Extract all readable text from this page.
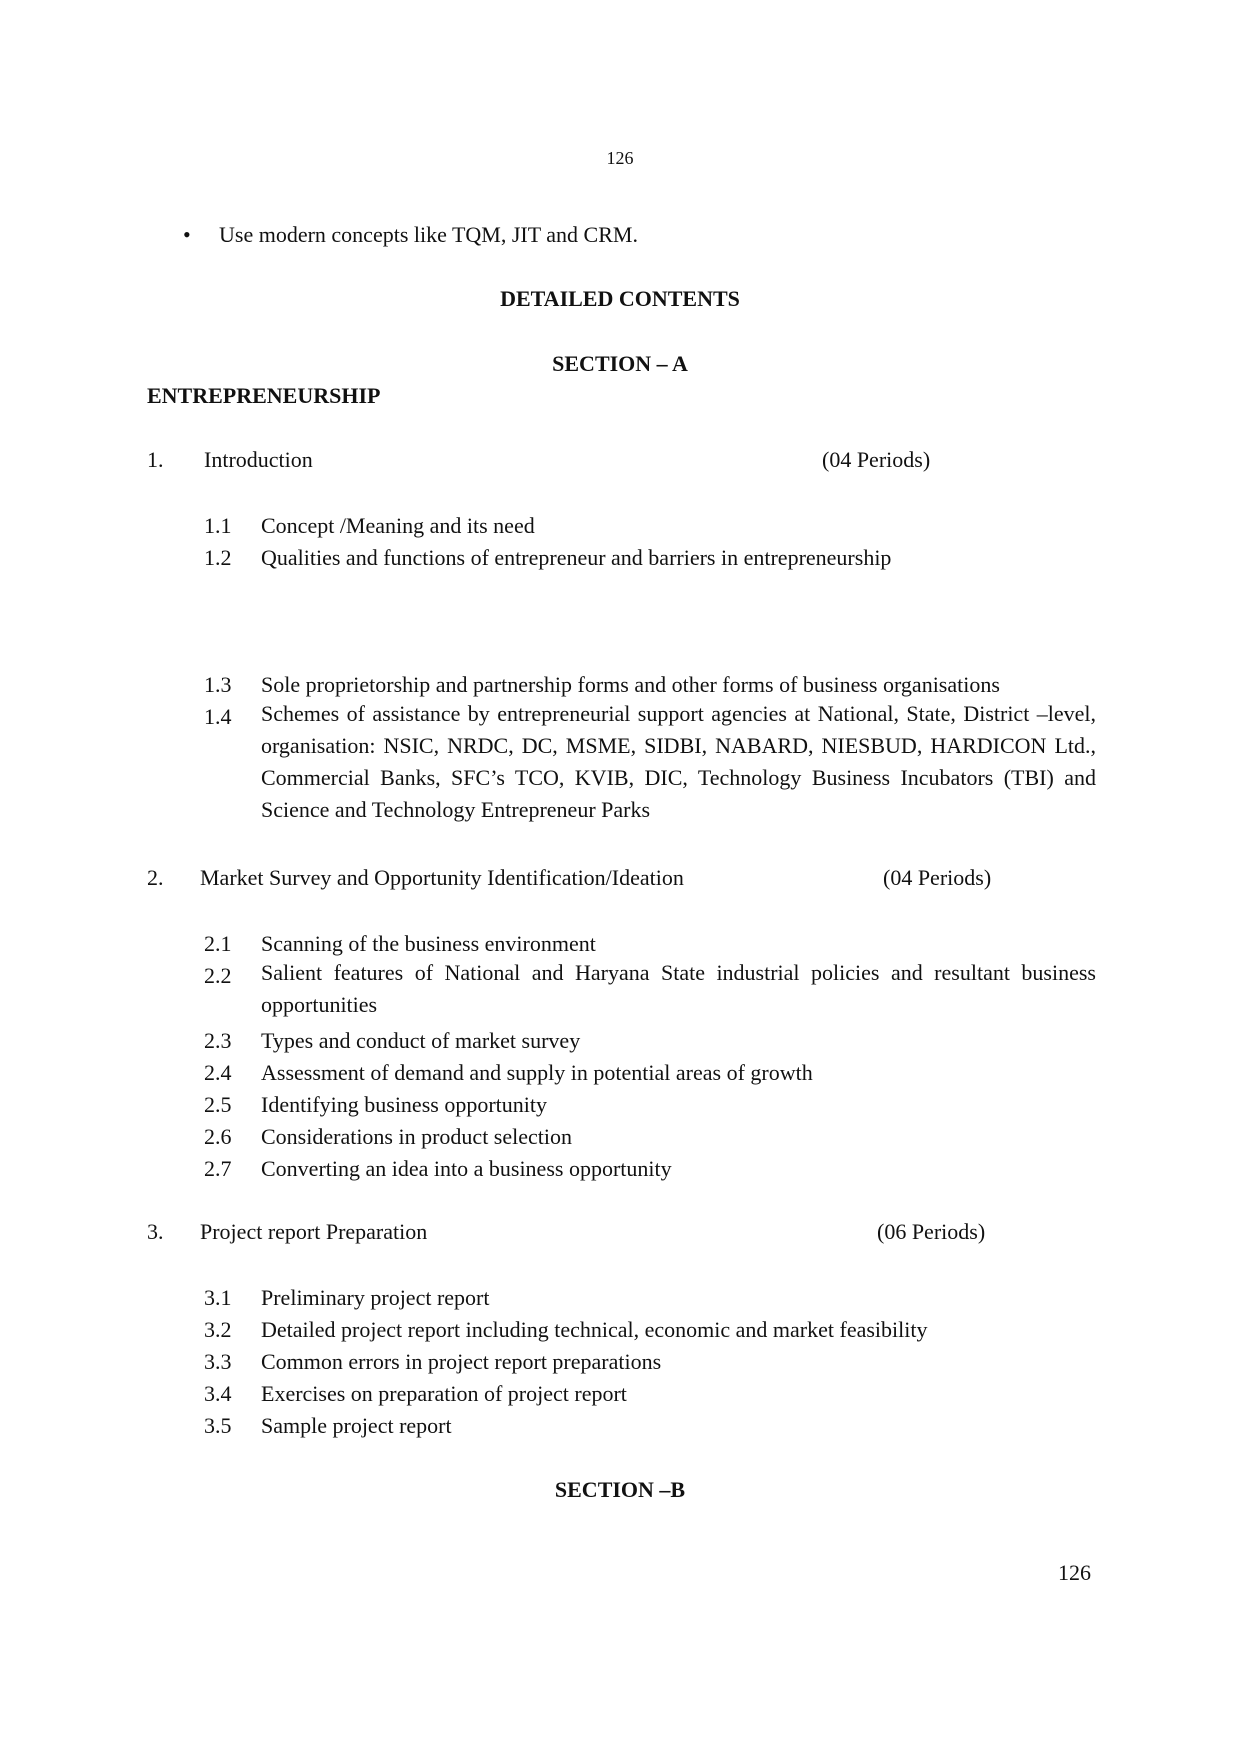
126
• Use modern concepts like TQM, JIT and CRM.
DETAILED CONTENTS
SECTION – A
ENTREPRENEURSHIP
1. Introduction	(04 Periods)
1.1 Concept /Meaning and its need
1.2 Qualities and functions of entrepreneur and barriers in entrepreneurship
1.3 Sole proprietorship and partnership forms and other forms of business organisations
1.4 Schemes of assistance by entrepreneurial support agencies at National, State, District –level, organisation: NSIC, NRDC, DC, MSME, SIDBI, NABARD, NIESBUD, HARDICON Ltd., Commercial Banks, SFC’s TCO, KVIB, DIC, Technology Business Incubators (TBI) and Science and Technology Entrepreneur Parks
2. Market Survey and Opportunity Identification/Ideation	(04 Periods)
2.1 Scanning of the business environment
2.2 Salient features of National and Haryana State industrial policies and resultant business opportunities
2.3 Types and conduct of market survey
2.4 Assessment of demand and supply in potential areas of growth
2.5 Identifying business opportunity
2.6 Considerations in product selection
2.7 Converting an idea into a business opportunity
3. Project report Preparation	(06 Periods)
3.1 Preliminary project report
3.2 Detailed project report including technical, economic and market feasibility
3.3 Common errors in project report preparations
3.4 Exercises on preparation of project report
3.5 Sample project report
SECTION –B
126
